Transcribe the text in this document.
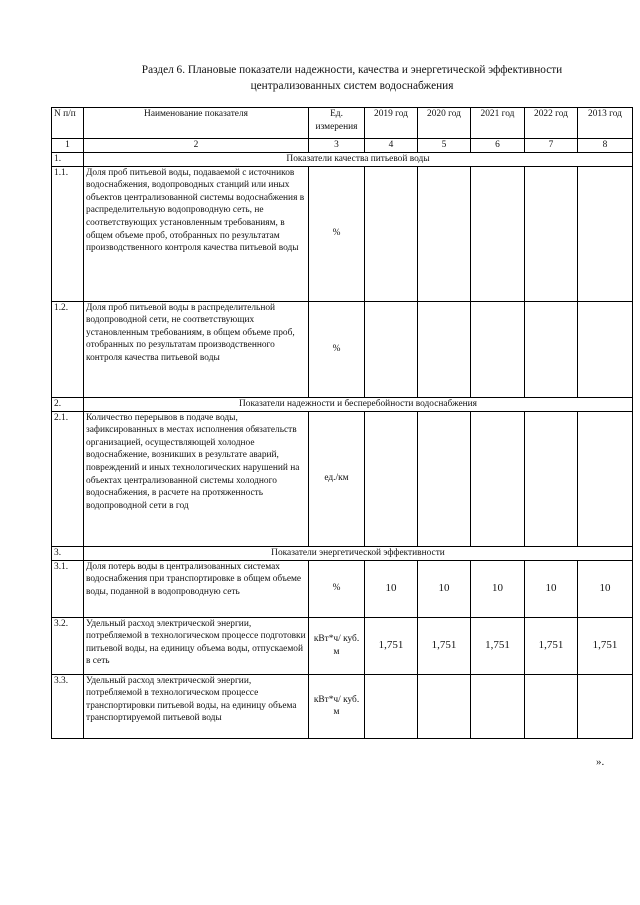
Раздел 6. Плановые показатели надежности, качества и энергетической эффективности
централизованных систем водоснабжения
N п/п	Наименование показателя	Ед. измерения	2019 год	2020 год	2021 год	2022 год	2013 год
1	2	3	4	5	6	7	8
1.	Показатели качества питьевой воды						
1.1.	Доля проб питьевой воды, подаваемой с источников водоснабжения, водопроводных станций или иных объектов централизованной системы водоснабжения в распределительную водопроводную сеть, не соответствующих установленным требованиям, в общем объеме проб, отобранных по результатам производственного контроля качества питьевой воды	%					
1.2.	Доля проб питьевой воды в распределительной водопроводной сети, не соответствующих установленным требованиям, в общем объеме проб, отобранных по результатам производственного контроля качества питьевой воды	%					
2.	Показатели надежности и бесперебойности водоснабжения						
2.1.	Количество перерывов в подаче воды, зафиксированных в местах исполнения обязательств организацией, осуществляющей холодное водоснабжение, возникших в результате аварий, повреждений и иных технологических нарушений на объектах централизованной системы холодного водоснабжения, в расчете на протяженность водопроводной сети в год	ед./км					
3.	Показатели энергетической эффективности						
3.1.	Доля потерь воды в централизованных системах водоснабжения при транспортировке в общем объеме воды, поданной в водопроводную сеть	%	10	10	10	10	10
3.2.	Удельный расход электрической энергии, потребляемой в технологическом процессе подготовки питьевой воды, на единицу объема воды, отпускаемой в сеть	кВт*ч/ куб. м	1,751	1,751	1,751	1,751	1,751
3.3.	Удельный расход электрической энергии, потребляемой в технологическом процессе транспортировки питьевой воды, на единицу объема транспортируемой питьевой воды	кВт*ч/ куб. м					
».
